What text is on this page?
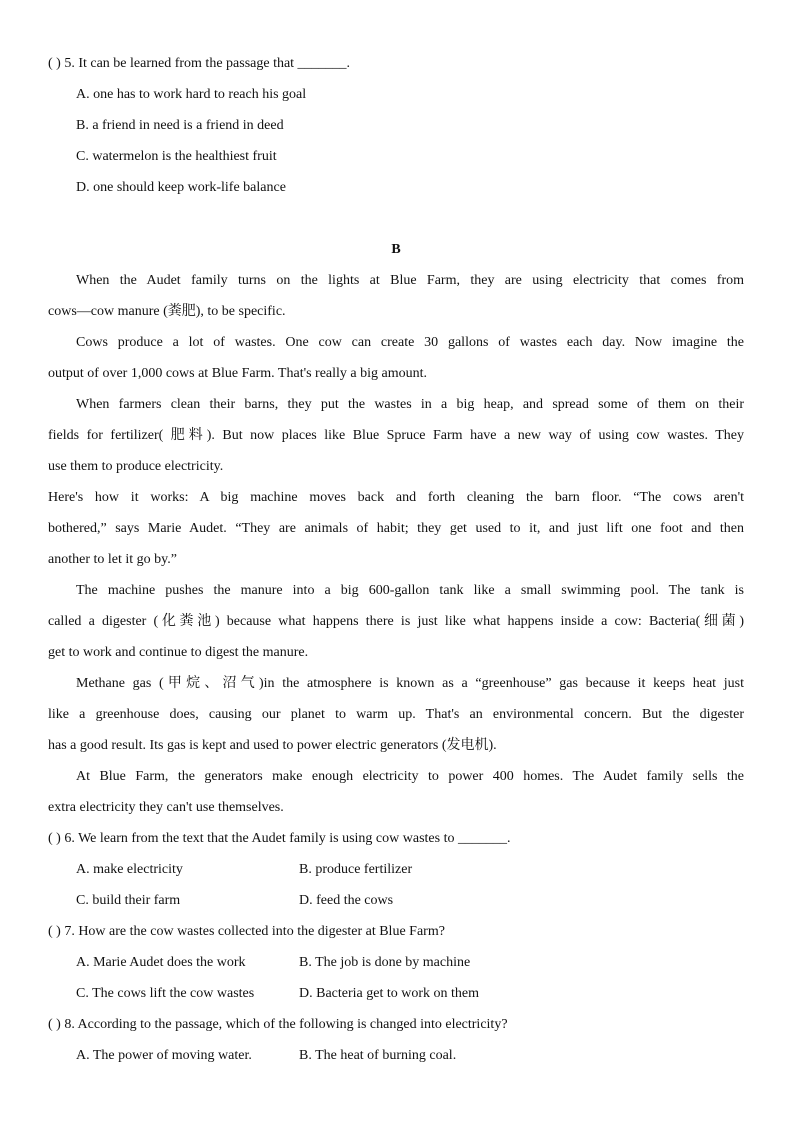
( ) 5. It can be learned from the passage that _______.
A. one has to work hard to reach his goal
B. a friend in need is a friend in deed
C. watermelon is the healthiest fruit
D. one should keep work-life balance
B
When the Audet family turns on the lights at Blue Farm, they are using electricity that comes from
cows—cow manure (粪肥), to be specific.
Cows produce a lot of wastes. One cow can create 30 gallons of wastes each day. Now imagine the
output of over 1,000 cows at Blue Farm. That's really a big amount.
When farmers clean their barns, they put the wastes in a big heap, and spread some of them on their
fields for fertilizer( 肥料). But now places like Blue Spruce Farm have a new way of using cow wastes. They
use them to produce electricity.
Here's how it works: A big machine moves back and forth cleaning the barn floor. “The cows aren't
bothered,” says Marie Audet. “They are animals of habit; they get used to it, and just lift one foot and then
another to let it go by.”
The machine pushes the manure into a big 600-gallon tank like a small swimming pool. The tank is
called a digester (化粪池) because what happens there is just like what happens inside a cow: Bacteria(细菌)
get to work and continue to digest the manure.
Methane gas (甲烷、沼气)in the atmosphere is known as a “greenhouse” gas because it keeps heat just
like a greenhouse does, causing our planet to warm up. That's an environmental concern. But the digester
has a good result. Its gas is kept and used to power electric generators (发电机).
At Blue Farm, the generators make enough electricity to power 400 homes. The Audet family sells the
extra electricity they can't use themselves.
( ) 6. We learn from the text that the Audet family is using cow wastes to _______.
A. make electricity	B. produce fertilizer
C. build their farm	D. feed the cows
( ) 7. How are the cow wastes collected into the digester at Blue Farm?
A. Marie Audet does the work	B. The job is done by machine
C. The cows lift the cow wastes	D. Bacteria get to work on them
( ) 8. According to the passage, which of the following is changed into electricity?
A. The power of moving water.	B. The heat of burning coal.
